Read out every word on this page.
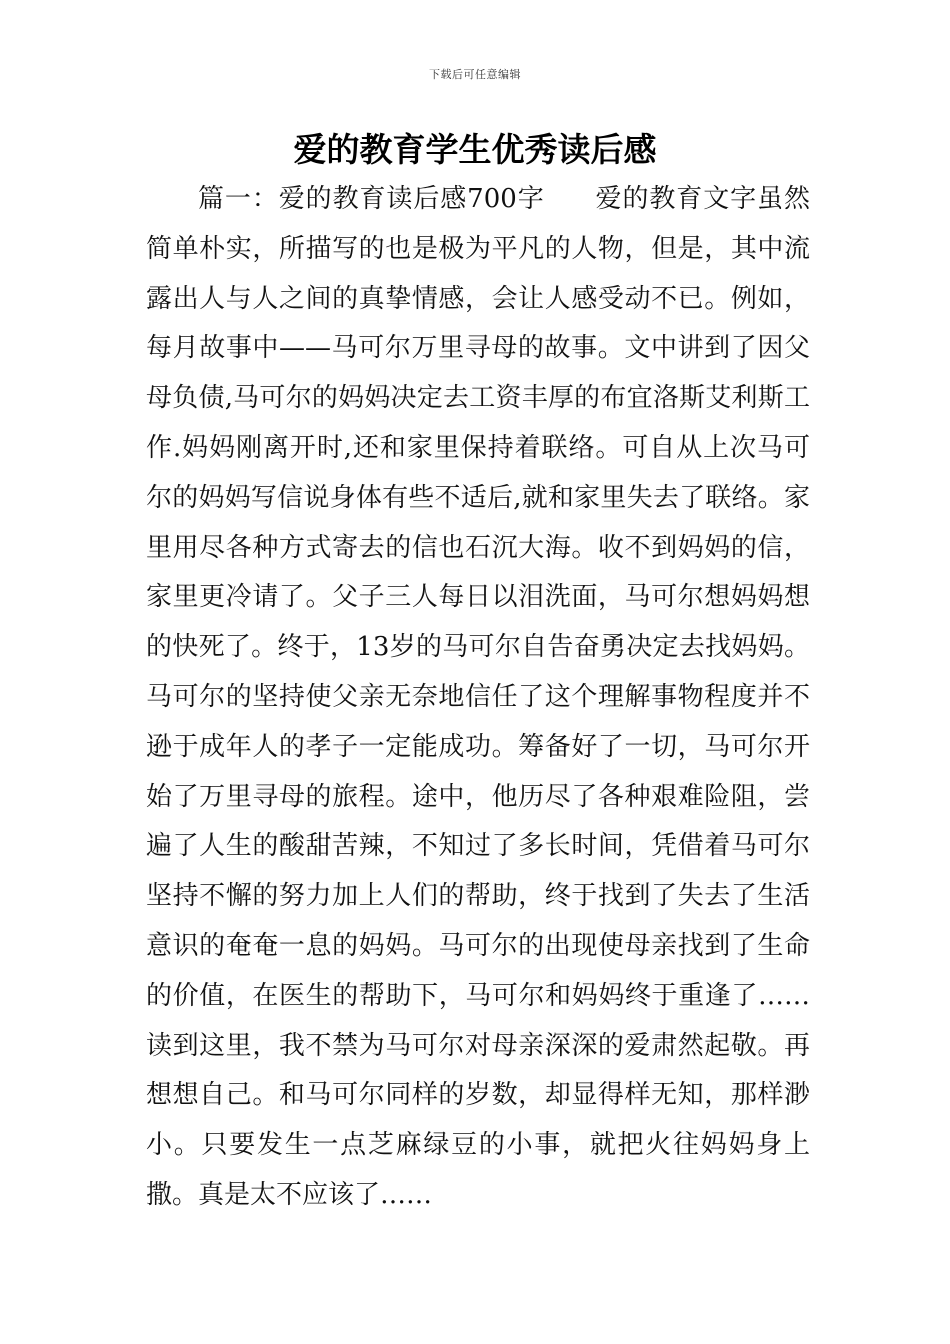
下载后可任意编辑
爱的教育学生优秀读后感

篇一：爱的教育读后感700字 爱的教育文字虽然简单朴实，所描写的也是极为平凡的人物，但是，其中流露出人与人之间的真挚情感，会让人感受动不已。例如，每月故事中——马可尔万里寻母的故事。文中讲到了因父母负债,马可尔的妈妈决定去工资丰厚的布宜洛斯艾利斯工作.妈妈刚离开时,还和家里保持着联络。可自从上次马可尔的妈妈写信说身体有些不适后,就和家里失去了联络。家里用尽各种方式寄去的信也石沉大海。收不到妈妈的信，家里更冷请了。父子三人每日以泪洗面，马可尔想妈妈想的快死了。终于，13岁的马可尔自告奋勇决定去找妈妈。马可尔的坚持使父亲无奈地信任了这个理解事物程度并不逊于成年人的孝子一定能成功。筹备好了一切，马可尔开始了万里寻母的旅程。途中，他历尽了各种艰难险阻，尝遍了人生的酸甜苦辣，不知过了多长时间，凭借着马可尔坚持不懈的努力加上人们的帮助，终于找到了失去了生活意识的奄奄一息的妈妈。马可尔的出现使母亲找到了生命的价值，在医生的帮助下，马可尔和妈妈终于重逢了……读到这里，我不禁为马可尔对母亲深深的爱肃然起敬。再想想自己。和马可尔同样的岁数，却显得样无知，那样渺小。只要发生一点芝麻绿豆的小事，就把火往妈妈身上撒。真是太不应该了……
